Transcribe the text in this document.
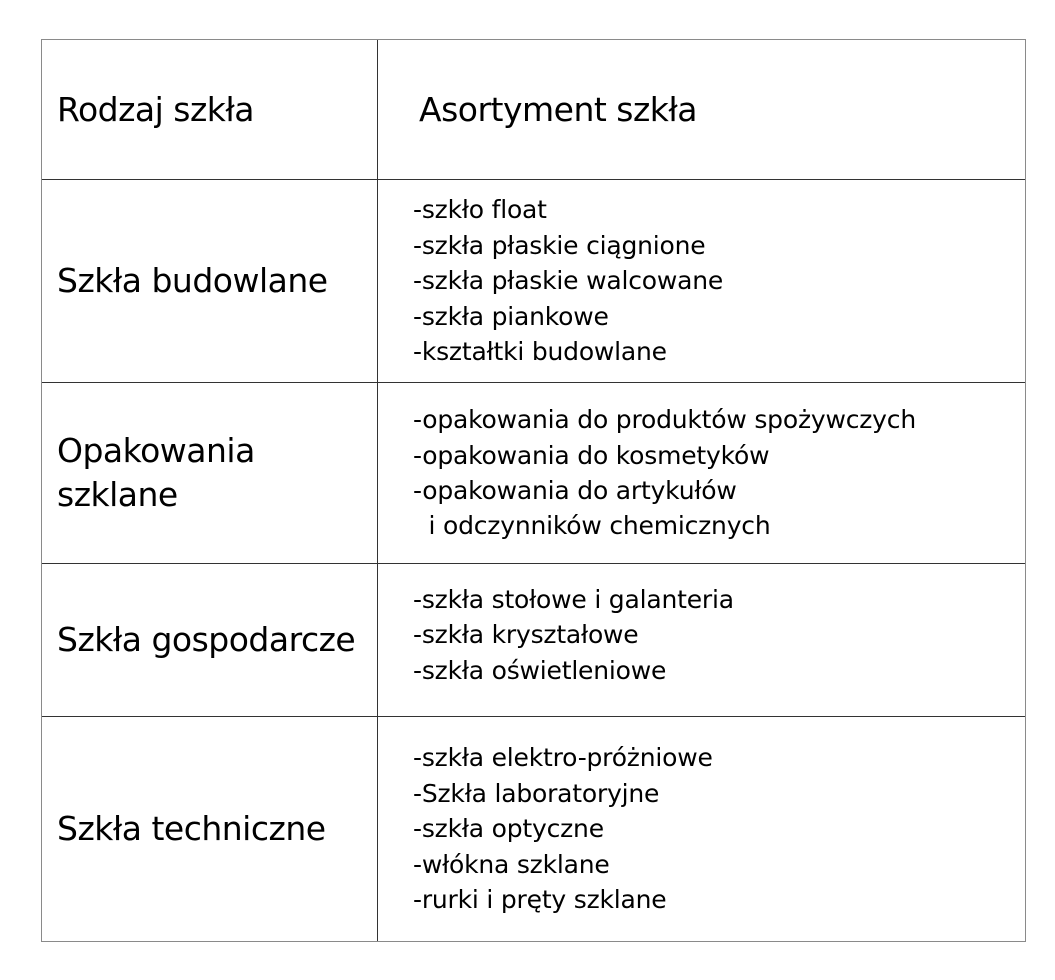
Rodzaj szkła	Asortyment szkła
Szkła budowlane
-szkło float
-szkła płaskie ciągnione
-szkła płaskie walcowane
-szkła piankowe
-kształtki budowlane
Opakowania
szklane
-opakowania do produktów spożywczych
-opakowania do kosmetyków
-opakowania do artykułów
i odczynników chemicznych
Szkła gospodarcze
-szkła stołowe i galanteria
-szkła kryształowe
-szkła oświetleniowe
Szkła techniczne
-szkła elektro-próżniowe
-Szkła laboratoryjne
-szkła optyczne
-włókna szklane
-rurki i pręty szklane
